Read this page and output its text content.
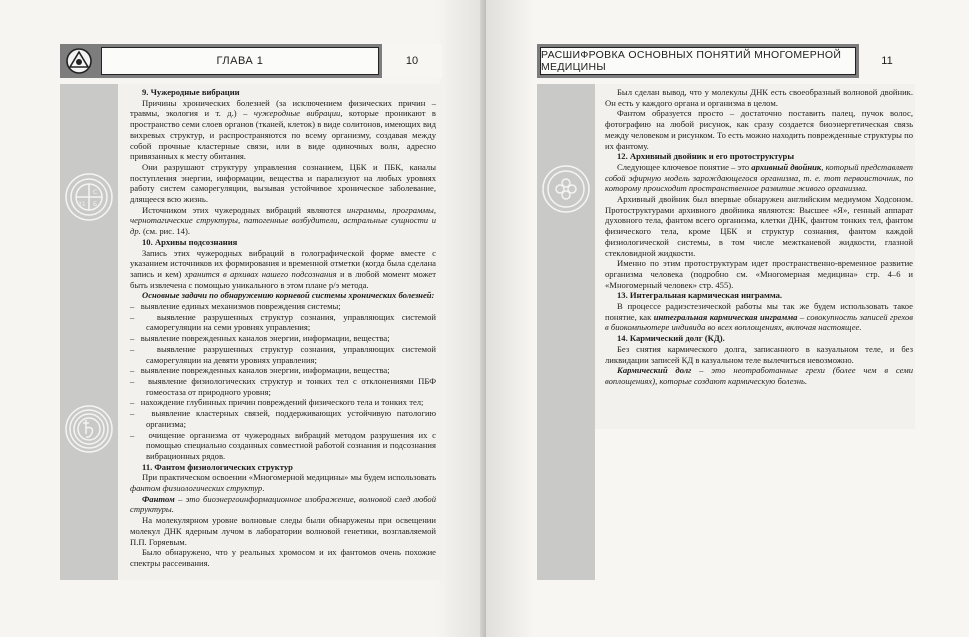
ГЛАВА 1	10
С
31 Б
9. Чужеродные вибрации

Причины хронических болезней (за исключением физических причин – травмы, экология и т. д.) – чужеродные вибрации, которые проникают в пространство семи слоев органов (тканей, клеток) в виде солитонов, имеющих вид вихревых структур, и распространяются по всему организму, создавая между собой прочные кластерные связи, или в виде одиночных волн, адресно привязанных к месту обитания.

Они разрушают структуру управления сознанием, ЦБК и ПБК, каналы поступления энергии, информации, вещества и парализуют на любых уровнях работу систем саморегуляции, вызывая устойчивое хроническое заболевание, длящееся всю жизнь.

Источником этих чужеродных вибраций являются инграммы, программы, чернomагические структуры, патогенные возбудители, астральные сущности и др. (см. рис. 14).

10. Архивы подсознания

Запись этих чужеродных вибраций в голографической форме вместе с указанием источников их формирования и временной отметки (когда была сделана запись и кем) хранится в архивах нашего подсознания и в любой момент может быть извлечена с помощью уникального в этом плане р/э метода.

Основные задачи по обнаружению корневой системы хронических болезней:

–   выявление единых механизмов повреждения системы;
–   выявление разрушенных структур сознания, управляющих системой саморегуляции на семи уровнях управления;
–   выявление поврежденных каналов энергии, информации, вещества;
–   выявление разрушенных структур сознания, управляющих системой саморегуляции на девяти уровнях управления;
–   выявление поврежденных каналов энергии, информации, вещества;
–   выявление физиологических структур и тонких тел с отклонениями ПБФ гомеостаза от природного уровня;
–   нахождение глубинных причин повреждений физического тела и тонких тел;
–   выявление кластерных связей, поддерживающих устойчивую патологию организма;
–   очищение организма от чужеродных вибраций методом разрушения их с помощью специально созданных совместной работой сознания и подсознания вибрационных рядов.
11. Фантом физиологических структур

При практическом освоении «Многомерной медицины» мы будем использовать фантом физиологических структур.

Фантом – это биоэнергоинформационное изображение, волновой след любой структуры.

На молекулярном уровне волновые следы были обнаружены при освещении молекул ДНК ядерным лучом в лаборатории волновой генетики, возглавляемой П.П. Горяевым.

Было обнаружено, что у реальных хромосом и их фантомов очень похожие спектры рассеивания.

РАСШИФРОВКА ОСНОВНЫХ ПОНЯТИЙ МНОГОМЕРНОЙ МЕДИЦИНЫ	11

Был сделан вывод, что у молекулы ДНК есть своеобразный волновой двойник. Он есть у каждого органа и организма в целом.

Фантом образуется просто – достаточно поставить палец, пучок волос, фотографию на любой рисунок, как сразу создается биоэнергетическая связь между человеком и рисунком. То есть можно находить поврежденные структуры по их фантому.

12. Архивный двойник и его протоструктуры

Следующее ключевое понятие – это архивный двойник, который представляет собой эфирную модель зарождающегося организма, т. е. тот первоисточник, по которому происходит пространственное развитие живого организма.

Архивный двойник был впервые обнаружен английским медиумом Ходсоном. Протоструктурами архивного двойника являются: Высшее «Я», генный аппарат духовного тела, фантом всего организма, клетки ДНК, фантом тонких тел, фантом физического тела, кроме ЦБК и структур сознания, фантом каждой физиологической системы, в том числе межтканевой жидкости, глазной стекловидной жидкости.

Именно по этим протоструктурам идет пространственно-временное развитие организма человека (подробно см. «Многомерная медицина» стр. 4–6 и «Многомерный человек» стр. 455).

13. Интегральная кармическая инграмма.

В процессе радиэстезической работы мы так же будем использовать такое понятие, как интегральная кармическая инграмма – совокупность записей грехов в биокомпьютере индивида во всех воплощениях, включая настоящее.

14. Кармический долг (КД).

Без снятия кармического долга, записанного в казуальном теле, и без ликвидации записей КД в казуальном теле вылечиться невозможно.

Кармический долг – это неотработанные грехи (более чем в семи воплощениях), которые создают кармическую болезнь.
